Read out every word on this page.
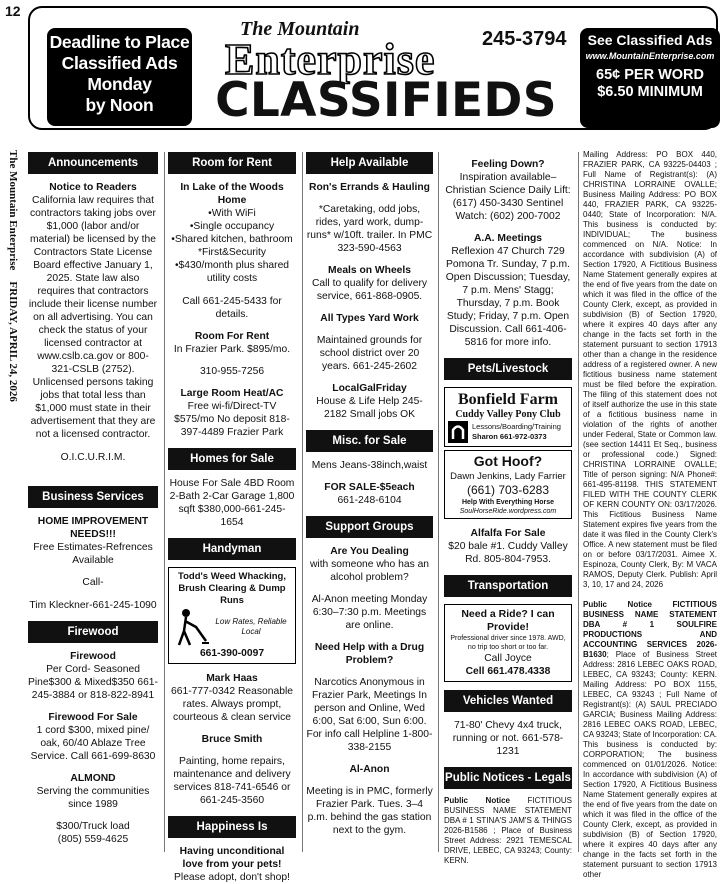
12
The Mountain Enterprise    FRIDAY, APRIL 24, 2026
Deadline to Place
Classified Ads
Monday
by Noon
The Mountain
Enterprise 245-3794
CLASSIFIEDS
See Classified Ads
www.MountainEnterprise.com
65¢ PER WORD
$6.50 MINIMUM
Announcements
Notice to Readers
California law requires that contractors taking jobs over $1,000 (labor and/or material) be licensed by the Contractors State License Board effective January 1, 2025. State law also requires that contractors include their license number on all advertising. You can check the status of your licensed contractor at www.cslb.ca.gov or 800-321-CSLB (2752). Unlicensed persons taking jobs that total less than $1,000 must state in their advertisement that they are not a licensed contractor.
O.I.C.U.R.I.M.
Business Services
HOME IMPROVEMENT NEEDS!!!
Free Estimates-Refrences Available
Call-
Tim Kleckner-661-245-1090
Firewood
Firewood
Per Cord- Seasoned Pine$300 & Mixed$350 661-245-3884 or 818-822-8941
Firewood For Sale
1 cord $300, mixed pine/ oak, 60/40 Ablaze Tree Service. Call 661-699-8630
ALMOND
Serving the communities since 1989
$300/Truck load
(805) 559-4625
Room for Rent
In Lake of the Woods Home
•With WiFi
•Single occupancy
•Shared kitchen, bathroom
*First&Security
•$430/month plus shared utility costs
Call 661-245-5433 for details.
Room For Rent
In Frazier Park. $895/mo.
310-955-7256
Large Room Heat/AC
Free wi-fi/Direct-TV $575/mo No deposit 818-397-4489 Frazier Park
Homes for Sale
House For Sale 4BD Room 2-Bath 2-Car Garage 1,800 sqft $380,000-661-245-1654
Handyman
Todd's Weed Whacking, Brush Clearing & Dump Runs
Low Rates, Reliable Local
661-390-0097
Mark Haas
661-777-0342 Reasonable rates. Always prompt, courteous & clean service
Bruce Smith
Painting, home repairs, maintenance and delivery services 818-741-6546 or 661-245-3560
Happiness Is
Having unconditional love from your pets!
Please adopt, don't shop!
Help Available
Ron's Errands & Hauling
*Caretaking, odd jobs, rides, yard work, dump-runs* w/10ft. trailer. In PMC 323-590-4563
Meals on Wheels
Call to qualify for delivery service, 661-868-0905.
All Types Yard Work
Maintained grounds for school district over 20 years. 661-245-2602
LocalGalFriday
House & Life Help 245-2182 Small jobs OK
Misc. for Sale
Mens Jeans-38inch,waist
FOR SALE-$5each
661-248-6104
Support Groups
Are You Dealing
with someone who has an alcohol problem?
Al-Anon meeting Monday 6:30–7:30 p.m. Meetings are online.
Need Help with a Drug Problem?
Narcotics Anonymous in Frazier Park, Meetings In person and Online, Wed 6:00, Sat 6:00, Sun 6:00. For info call Helpline 1-800-338-2155
Al-Anon
Meeting is in PMC, formerly Frazier Park. Tues. 3–4 p.m. behind the gas station next to the gym.
Feeling Down?
Inspiration available– Christian Science Daily Lift: (617) 450-3430 Sentinel Watch: (602) 200-7002
A.A. Meetings
Reflexion 47 Church 729 Pomona Tr. Sunday, 7 p.m. Open Discussion; Tuesday, 7 p.m. Mens' Stagg; Thursday, 7 p.m. Book Study; Friday, 7 p.m. Open Discussion. Call 661-406-5816 for more info.
Pets/Livestock
Bonfield Farm
Cuddy Valley Pony Club
Lessons/Boarding/Training
Sharon 661-972-0373
Got Hoof?
Dawn Jenkins, Lady Farrier
(661) 703-6283
Help With Everything Horse
SoulHorseRide.wordpress.com
Alfalfa For Sale
$20 bale #1. Cuddy Valley Rd. 805-804-7953.
Transportation
Need a Ride? I can Provide!
Professional driver since 1978. AWD, no trip too short or too far.
Call Joyce
Cell 661.478.4338
Vehicles Wanted
71-80' Chevy 4x4 truck, running or not. 661-578-1231
Public Notices - Legals
Public Notice FICTITIOUS BUSINESS NAME STATEMENT DBA # 1 STINA'S JAM'S & THINGS 2026-B1586 ; Place of Business Street Address: 2921 TEMESCAL DRIVE, LEBEC, CA 93243; County: KERN.
Mailing Address: PO BOX 440, FRAZIER PARK, CA 93225-04403 ; Full Name of Registrant(s): (A) CHRISTINA LORRAINE OVALLE; Business Mailing Address: PO BOX 440, FRAZIER PARK, CA 93225-0440; State of Incorporation: N/A. This business is conducted by: INDIVIDUAL; The business commenced on N/A. Notice: In accordance with subdivision (A) of Section 17920, A Fictitious Business Name Statement generally expires at the end of five years from the date on which it was filed in the office of the County Clerk, except, as provided in subdivision (B) of Section 17920, where it expires 40 days after any change in the facts set forth in the statement pursuant to section 17913 other than a change in the residence address of a registered owner. A new fictitious business name statement must be filed before the expiration. The filing of this statement does not of itself authorize the use in this state of a fictitious business name in violation of the rights of another under Federal, State or Common law. (see section 14411 Et Seq., business or professional code.) Signed: CHRISTINA LORRAINE OVALLE; Title of person signing: N/A Phone#: 661-495-81198. THIS STATEMENT FILED WITH THE COUNTY CLERK OF KERN COUNTY ON: 03/17/2026. This Fictitious Business Name Statement expires five years from the date it was filed in the County Clerk's Office. A new statement must be filed on or before 03/17/2031. Aimee X. Espinoza, County Clerk, By: M VACA RAMOS, Deputy Clerk. Publish: April 3, 10, 17 and 24, 2026
Public Notice	FICTITIOUS BUSINESS NAME STATEMENT DBA # 1 SOULFIRE PRODUCTIONS AND ACCOUNTING SERVICES 2026-B1630; Place of Business Street Address: 2816 LEBEC OAKS ROAD, LEBEC, CA 93243; County: KERN. Mailing Address: PO BOX 1155, LEBEC, CA 93243 ; Full Name of Registrant(s): (A) SAUL PRECIADO GARCIA; Business Mailing Address: 2816 LEBEC OAKS ROAD, LEBEC, CA 93243; State of Incorporation: CA. This business is conducted by: CORPORATION; The business commenced on 01/01/2026. Notice: In accordance with subdivision (A) of Section 17920, A Fictitious Business Name Statement generally expires at the end of five years from the date on which it was filed in the office of the County Clerk, except, as provided in subdivision (B) of Section 17920, where it expires 40 days after any change in the facts set forth in the statement pursuant to section 17913 other
